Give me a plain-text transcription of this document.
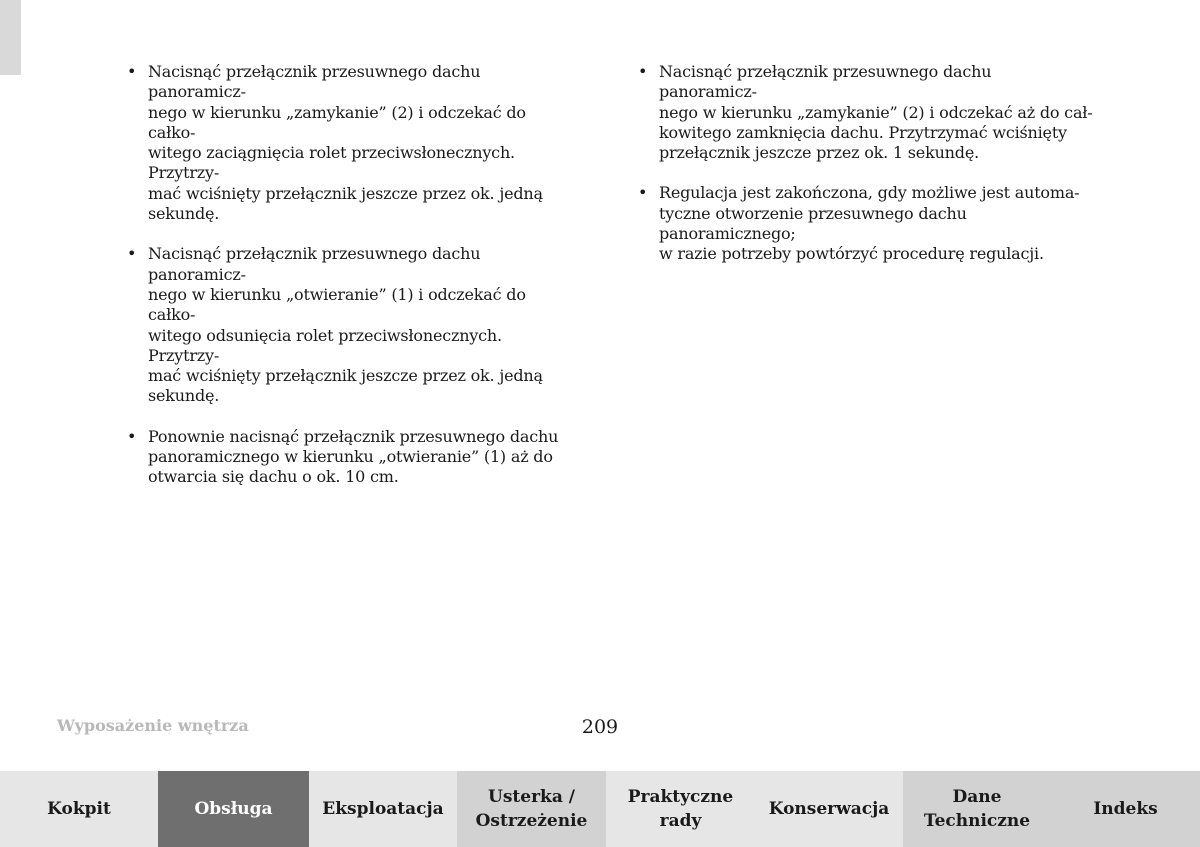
• Nacisnąć przełącznik przesuwnego dachu panoramicz-
nego w kierunku „zamykanie” (2) i odczekać do całko-
witego zaciągnięcia rolet przeciwsłonecznych. Przytrzy-
mać wciśnięty przełącznik jeszcze przez ok. jedną
sekundę.
• Nacisnąć przełącznik przesuwnego dachu panoramicz-
nego w kierunku „otwieranie” (1) i odczekać do całko-
witego odsunięcia rolet przeciwsłonecznych. Przytrzy-
mać wciśnięty przełącznik jeszcze przez ok. jedną
sekundę.
• Ponownie nacisnąć przełącznik przesuwnego dachu
panoramicznego w kierunku „otwieranie” (1) aż do
otwarcia się dachu o ok. 10 cm.
• Nacisnąć przełącznik przesuwnego dachu panoramicz-
nego w kierunku „zamykanie” (2) i odczekać aż do cał-
kowitego zamknięcia dachu. Przytrzymać wciśnięty
przełącznik jeszcze przez ok. 1 sekundę.
• Regulacja jest zakończona, gdy możliwe jest automa-
tyczne otworzenie przesuwnego dachu panoramicznego;
w razie potrzeby powtórzyć procedurę regulacji.
Wyposażenie wnętrza	209
Kokpit	Obsługa	Eksploatacja
Usterka /
Ostrzeżenie
Praktyczne
rady
Konserwacja
Dane
Techniczne
Indeks
